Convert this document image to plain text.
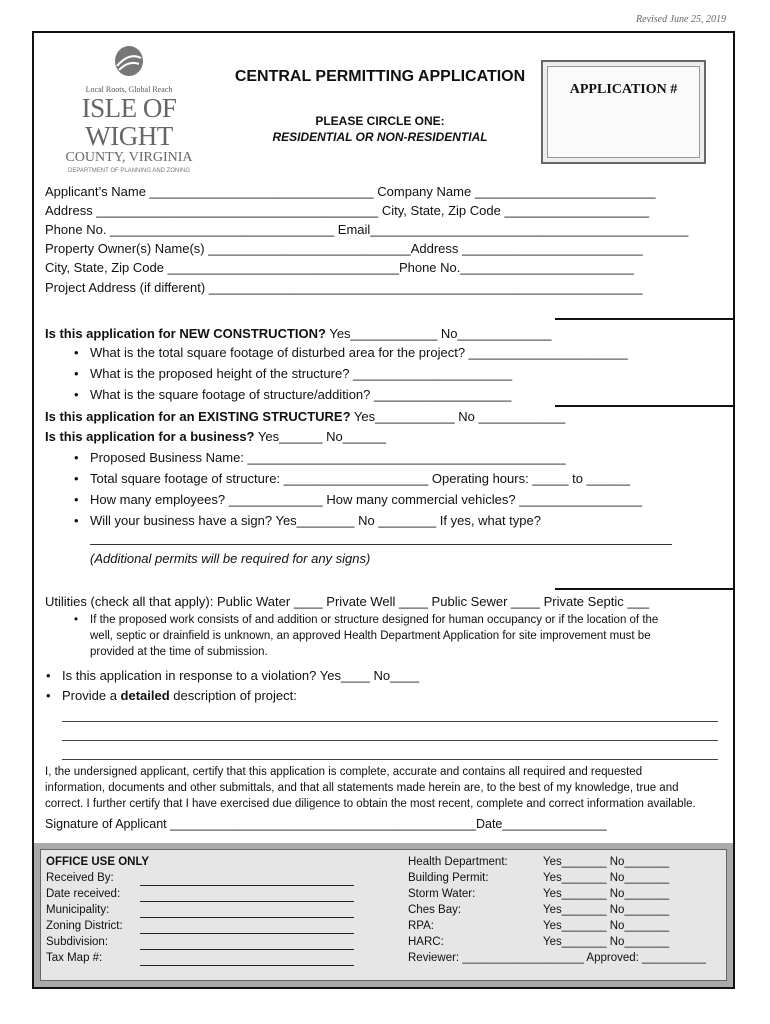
Revised June 25, 2019
Local Roots, Global Reach
ISLE OF WIGHT
COUNTY, VIRGINIA
DEPARTMENT OF PLANNING AND ZONING
CENTRAL PERMITTING APPLICATION
PLEASE CIRCLE ONE:
RESIDENTIAL OR NON-RESIDENTIAL
APPLICATION #
Applicant’s Name _______________________________ Company Name _________________________
Address _______________________________________ City, State, Zip Code ____________________
Phone No. _______________________________ Email____________________________________________
Property Owner(s) Name(s) ____________________________Address _________________________
City, State, Zip Code ________________________________Phone No.________________________
Project Address (if different) ____________________________________________________________
Is this application for NEW CONSTRUCTION? Yes____________ No_____________
• What is the total square footage of disturbed area for the project? ______________________
• What is the proposed height of the structure? ______________________
• What is the square footage of structure/addition? ___________________
Is this application for an EXISTING STRUCTURE? Yes___________ No ____________
Is this application for a business? Yes______ No______
• Proposed Business Name: ____________________________________________
• Total square footage of structure: ____________________ Operating hours: _____ to ______
• How many employees? _____________ How many commercial vehicles? _________________
• Will your business have a sign? Yes________ No ________ If yes, what type?
(Additional permits will be required for any signs)
Utilities (check all that apply): Public Water ____ Private Well ____ Public Sewer ____ Private Septic ___
• If the proposed work consists of and addition or structure designed for human occupancy or if the location of the
well, septic or drainfield is unknown, an approved Health Department Application for site improvement must be
provided at the time of submission.
• Is this application in response to a violation? Yes____ No____
• Provide a detailed description of project:
I, the undersigned applicant, certify that this application is complete, accurate and contains all required and requested
information, documents and other submittals, and that all statements made herein are, to the best of my knowledge, true and
correct. I further certify that I have exercised due diligence to obtain the most recent, complete and correct information available.
Signature of Applicant ____________________________________________Date_______________
OFFICE USE ONLY
Received By:
Date received:
Municipality:
Zoning District:
Subdivision:
Tax Map #:
Health Department:
Building Permit:
Storm Water:
Ches Bay:
RPA:
HARC:
Yes_______ No_______
Yes_______ No_______
Yes_______ No_______
Yes_______ No_______
Yes_______ No_______
Yes_______ No_______
Reviewer: ___________________ Approved: __________
